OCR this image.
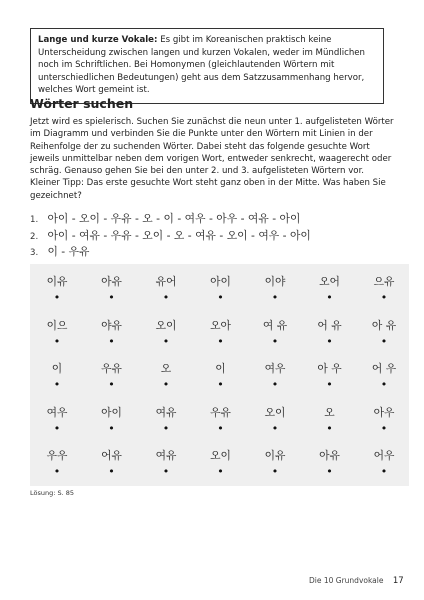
Lange und kurze Vokale: Es gibt im Koreanischen praktisch keine Unterscheidung zwischen langen und kurzen Vokalen, weder im Mündlichen noch im Schriftlichen. Bei Homonymen (gleichlautenden Wörtern mit unterschiedlichen Bedeutungen) geht aus dem Satzzusammenhang hervor, welches Wort gemeint ist.
Wörter suchen

Jetzt wird es spielerisch. Suchen Sie zunächst die neun unter 1. aufgelisteten Wörter im Diagramm und verbinden Sie die Punkte unter den Wörtern mit Linien in der Reihenfolge der zu suchenden Wörter. Dabei steht das folgende gesuchte Wort jeweils unmittelbar neben dem vorigen Wort, entweder senkrecht, waagerecht oder schräg. Genauso gehen Sie bei den unter 2. und 3. aufgelisteten Wörtern vor. Kleiner Tipp: Das erste gesuchte Wort steht ganz oben in der Mitte. Was haben Sie gezeichnet?

1. 아이 - 오이 - 우유 - 오 - 이 - 여우 - 아우 - 여유 - 아이
2. 아이 - 여유 - 우유 - 오이 - 오 - 여유 - 오이 - 여우 - 아이
3. 이 - 우유
이유
•
아유
•
유어
•
아이
•
이야
•
오어
•
으유
•
이으
•
야유
•
오이
•
오아
•
여 유
•
어 유
•
아 유
•
이
•
우유
•
오
•
이
•
여우
•
아 우
•
어 우
•
여우
•
아이
•
여유
•
우유
•
오이
•
오
•
아우
•
우우
•
어유
•
여유
•
오이
•
이유
•
아유
•
어우
•
Lösung: S. 85
Die 10 Grundvokale 17
